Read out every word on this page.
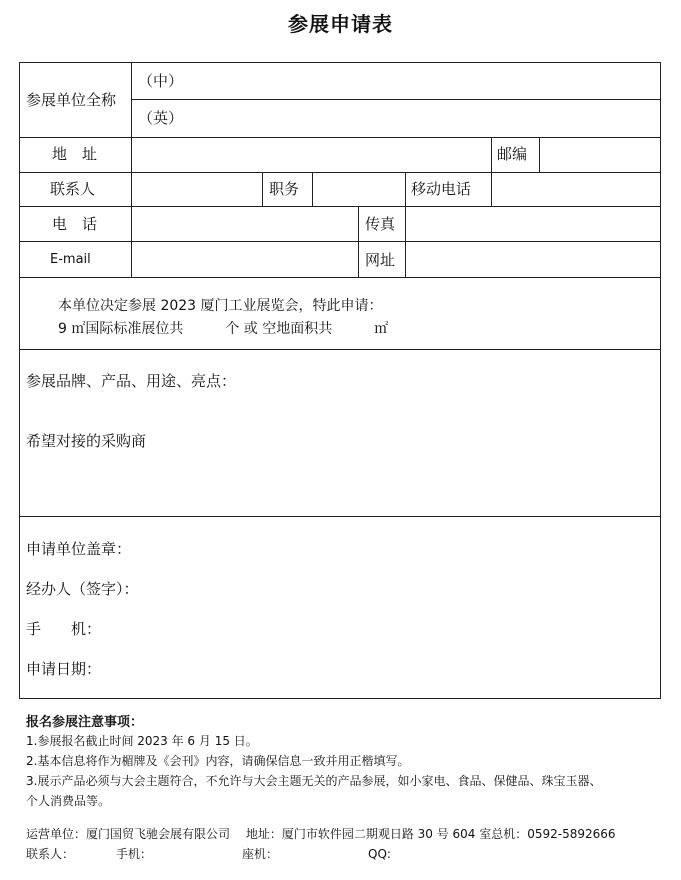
参展申请表
参展单位全称
（中）
（英）
地　址	邮编
联系人	职务	移动电话
电　话	传真
E-mail	网址
本单位决定参展 2023 厦门工业展览会，特此申请：
9 ㎡国际标准展位共　　　个 或 空地面积共　　　㎡
参展品牌、产品、用途、亮点：
希望对接的采购商
申请单位盖章：
经办人（签字）：
手　　机：
申请日期：
报名参展注意事项：
1.参展报名截止时间 2023 年 6 月 15 日。
2.基本信息将作为楣牌及《会刊》内容，请确保信息一致并用正楷填写。
3.展示产品必须与大会主题符合，不允许与大会主题无关的产品参展，如小家电、食品、保健品、珠宝玉器、
个人消费品等。
运营单位：厦门国贸飞驰会展有限公司　 地址：厦门市软件园二期观日路 30 号 604 室总机：0592-5892666
联系人：　　　　手机：　　　　　　　　座机：　　　　　　　　QQ:
